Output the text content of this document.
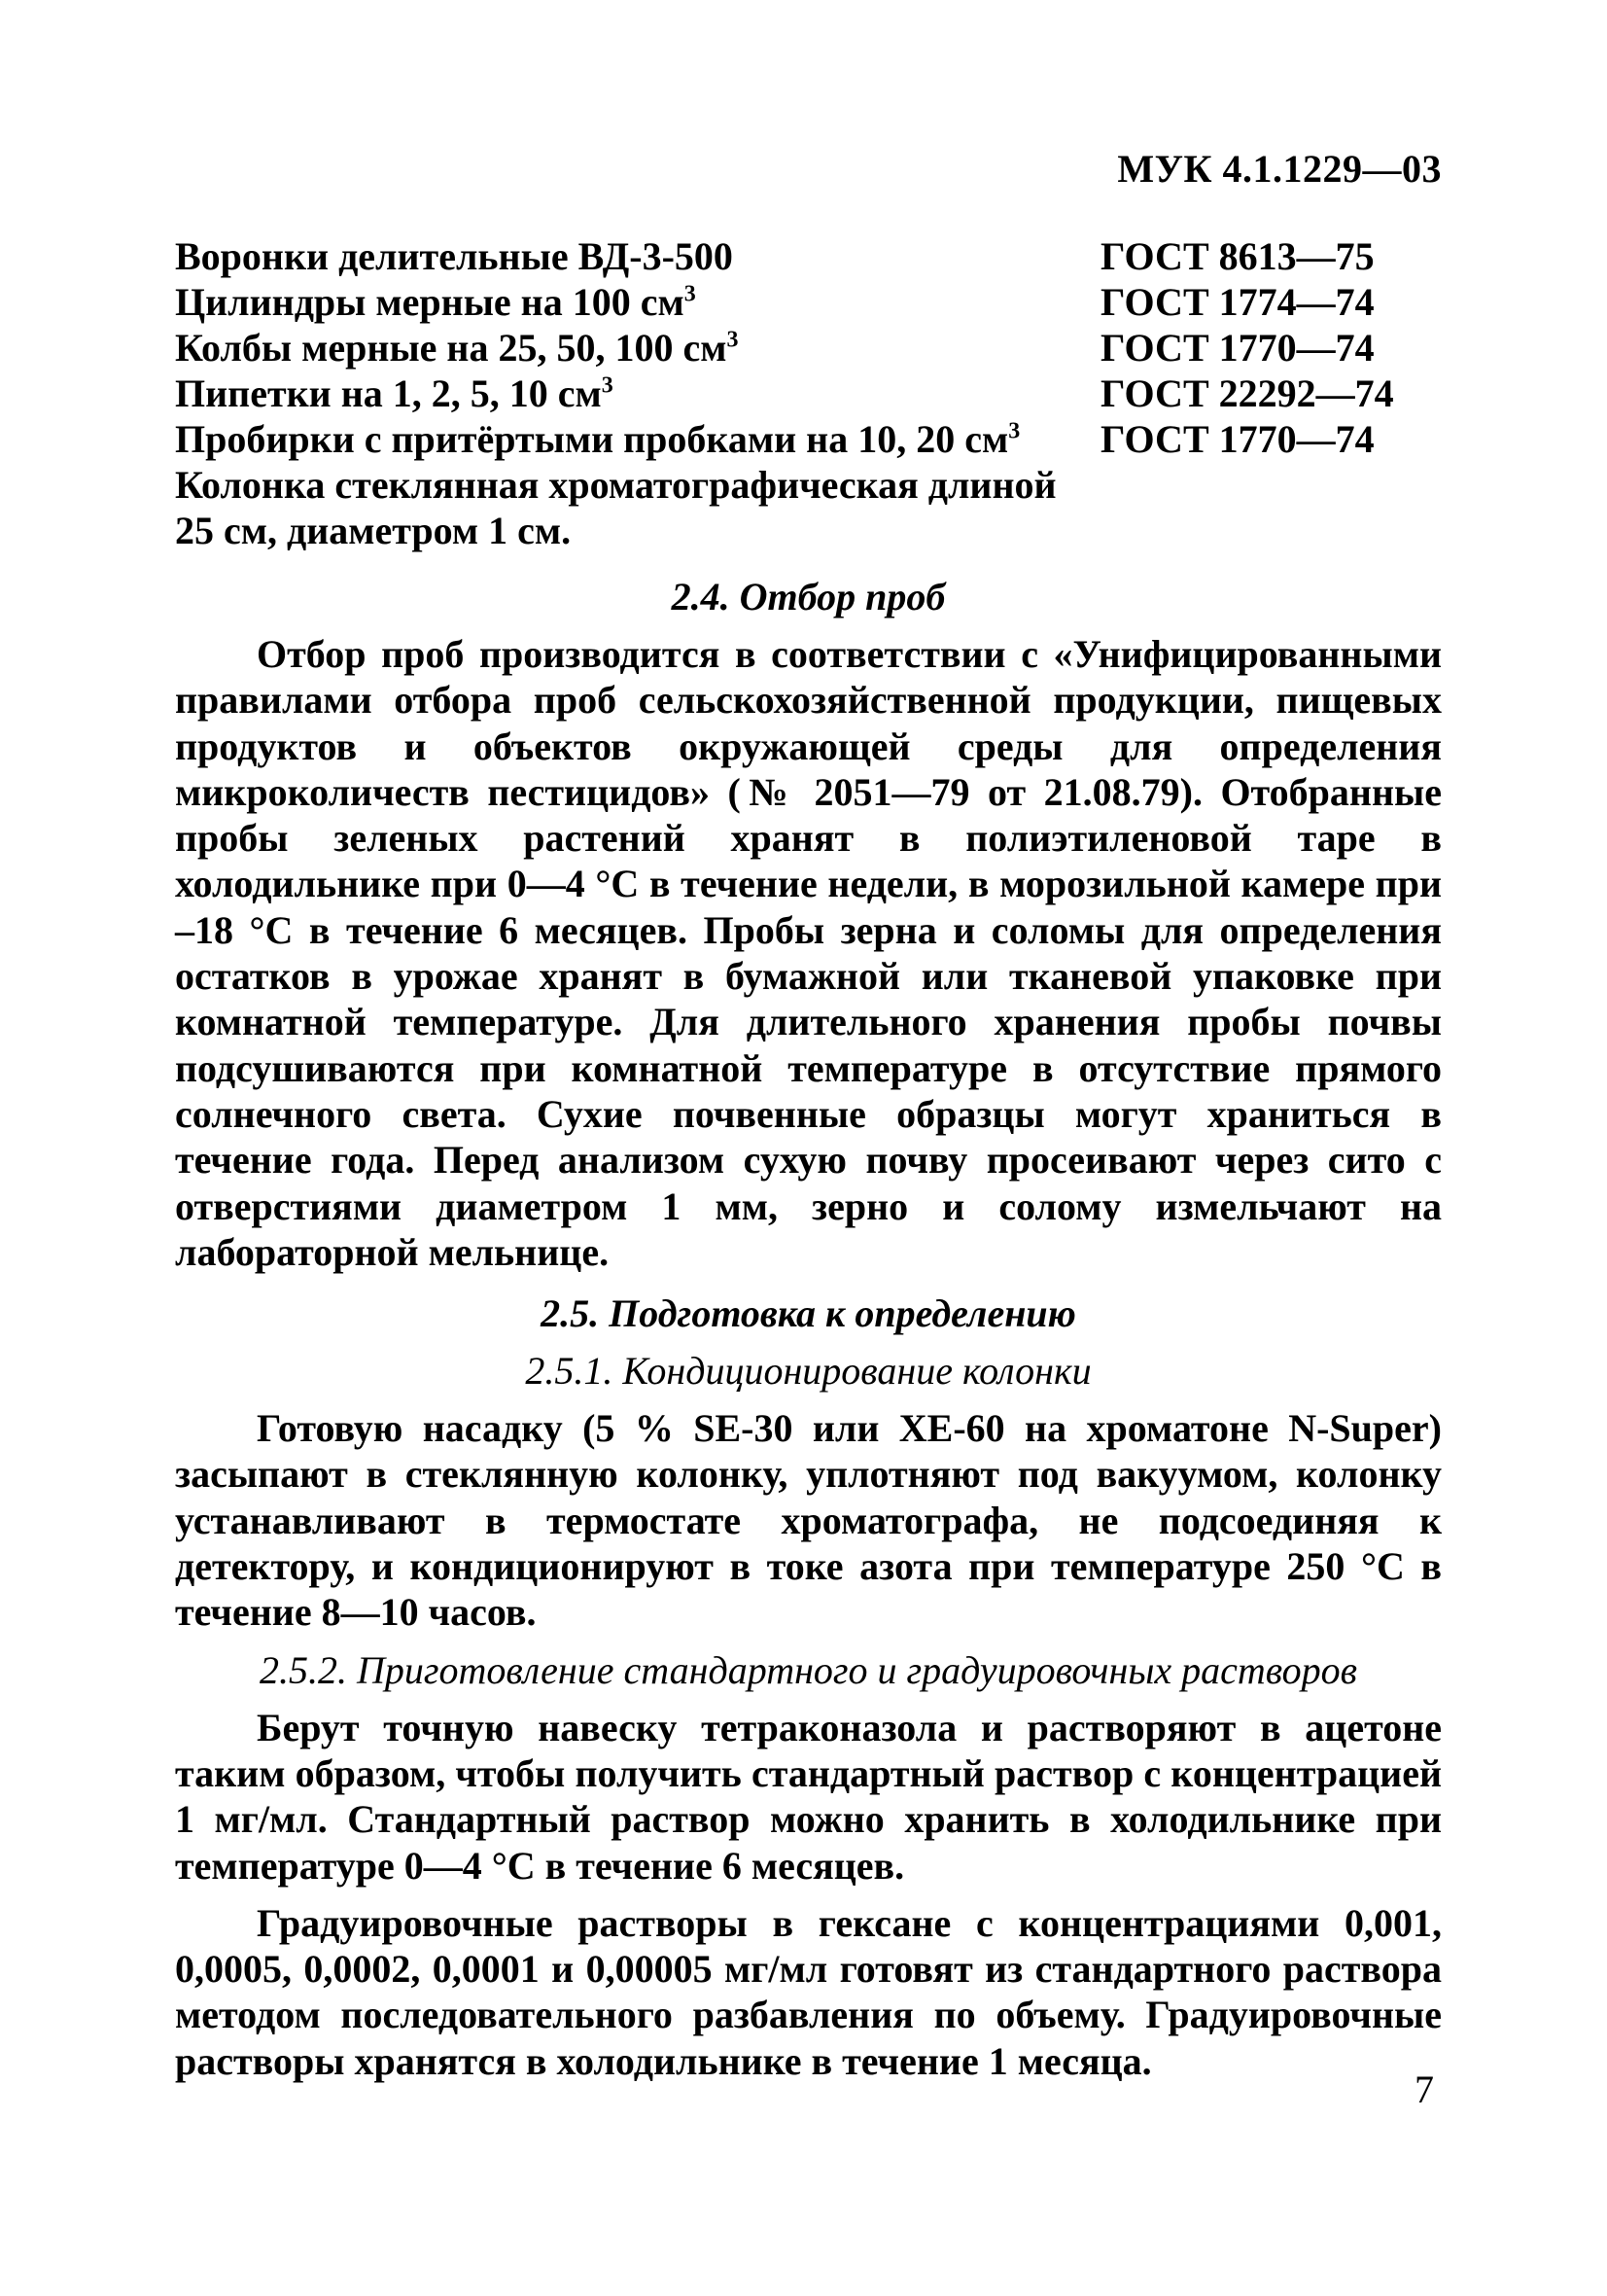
МУК 4.1.1229—03
Воронки делительные ВД-3-500	ГОСТ 8613—75
Цилиндры мерные на 100 $см^3$	ГОСТ 1774—74
Колбы мерные на 25, 50, 100 $см^3$	ГОСТ 1770—74
Пипетки на 1, 2, 5, 10 $см^3$	ГОСТ 22292—74
Пробирки с притёртыми пробками на 10, 20 $см^3$ ГОСТ 1770—74
Колонка стеклянная хроматографическая длиной
25 см, диаметром 1 см.
2.4. Отбор проб

Отбор проб производится в соответствии с «Унифицированными правилами отбора проб сельскохозяйственной продукции, пищевых продуктов и объектов окружающей среды для определения микроколичеств пестицидов» (№ 2051—79 от 21.08.79). Отобранные пробы зеленых растений хранят в полиэтиленовой таре в холодильнике при 0—4 °С в течение недели, в морозильной камере при –18 °С в течение 6 месяцев. Пробы зерна и соломы для определения остатков в урожае хранят в бумажной или тканевой упаковке при комнатной температуре. Для длительного хранения пробы почвы подсушиваются при комнатной температуре в отсутствие прямого солнечного света. Сухие почвенные образцы могут храниться в течение года. Перед анализом сухую почву просеивают через сито с отверстиями диаметром 1 мм, зерно и солому измельчают на лабораторной мельнице.

2.5. Подготовка к определению
2.5.1. Кондиционирование колонки

Готовую насадку (5 % SE-30 или ХЕ-60 на хроматоне N-Super) засыпают в стеклянную колонку, уплотняют под вакуумом, колонку устанавливают в термостате хроматографа, не подсоединяя к детектору, и кондиционируют в токе азота при температуре 250 °С в течение 8—10 часов.

2.5.2. Приготовление стандартного и градуировочных растворов

Берут точную навеску тетраконазола и растворяют в ацетоне таким образом, чтобы получить стандартный раствор с концентрацией 1 мг/мл. Стандартный раствор можно хранить в холодильнике при температуре 0—4 °С в течение 6 месяцев.

Градуировочные растворы в гексане с концентрациями 0,001, 0,0005, 0,0002, 0,0001 и 0,00005 мг/мл готовят из стандартного раствора методом последовательного разбавления по объему. Градуировочные растворы хранятся в холодильнике в течение 1 месяца.

7
